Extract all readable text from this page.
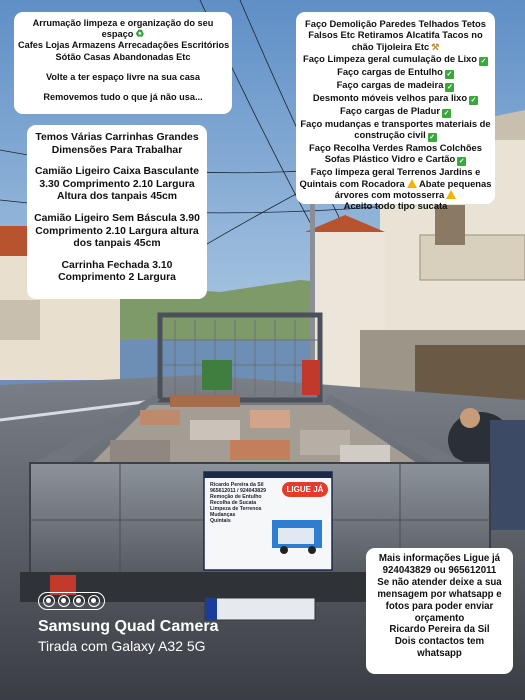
Ricardo Pereira da Sil
965612011 / 924043829
Remoção de Entulho
Recolha de Sucata
Limpeza de Terrenos
Mudanças
Quintais
LIGUE JÁ
Arrumação limpeza e organização do seu
espaço ♻
Cafes Lojas Armazens Arrecadações Escritórios
Sótão Casas Abandonadas Etc
Volte a ter espaço livre na sua casa
Removemos tudo o que já não usa...
Faço Demolição Paredes Telhados Tetos
Falsos Etc Retiramos Alcatifa Tacos no
chão Tijoleira Etc ⚒
Faço Limpeza geral cumulação de Lixo ✓
Faço cargas de Entulho ✓
Faço cargas de madeira ✓
Desmonto móveis velhos para lixo ✓
Faço cargas de Pladur ✓
Faço mudanças e transportes materiais de
construção civil ✓
Faço Recolha Verdes Ramos Colchões
Sofas Plástico Vidro e Cartão ✓
Faço limpeza geral Terrenos Jardins e
Quintais com Rocadora Abate pequenas
árvores com motosserra
Aceito todo tipo sucata
Temos Várias Carrinhas Grandes
Dimensões Para Trabalhar
Camião Ligeiro Caixa Basculante
3.30 Comprimento 2.10 Largura
Altura dos tanpais 45cm
Camião Ligeiro Sem Báscula 3.90
Comprimento 2.10 Largura altura
dos tanpais 45cm
Carrinha Fechada 3.10
Comprimento 2 Largura
Mais informações Ligue já
924043829 ou 965612011
Se não atender deixe a sua
mensagem por whatsapp e
fotos para poder enviar
orçamento
Ricardo Pereira da Sil
Dois contactos tem
whatsapp
Samsung Quad Camera
Tirada com Galaxy A32 5G
